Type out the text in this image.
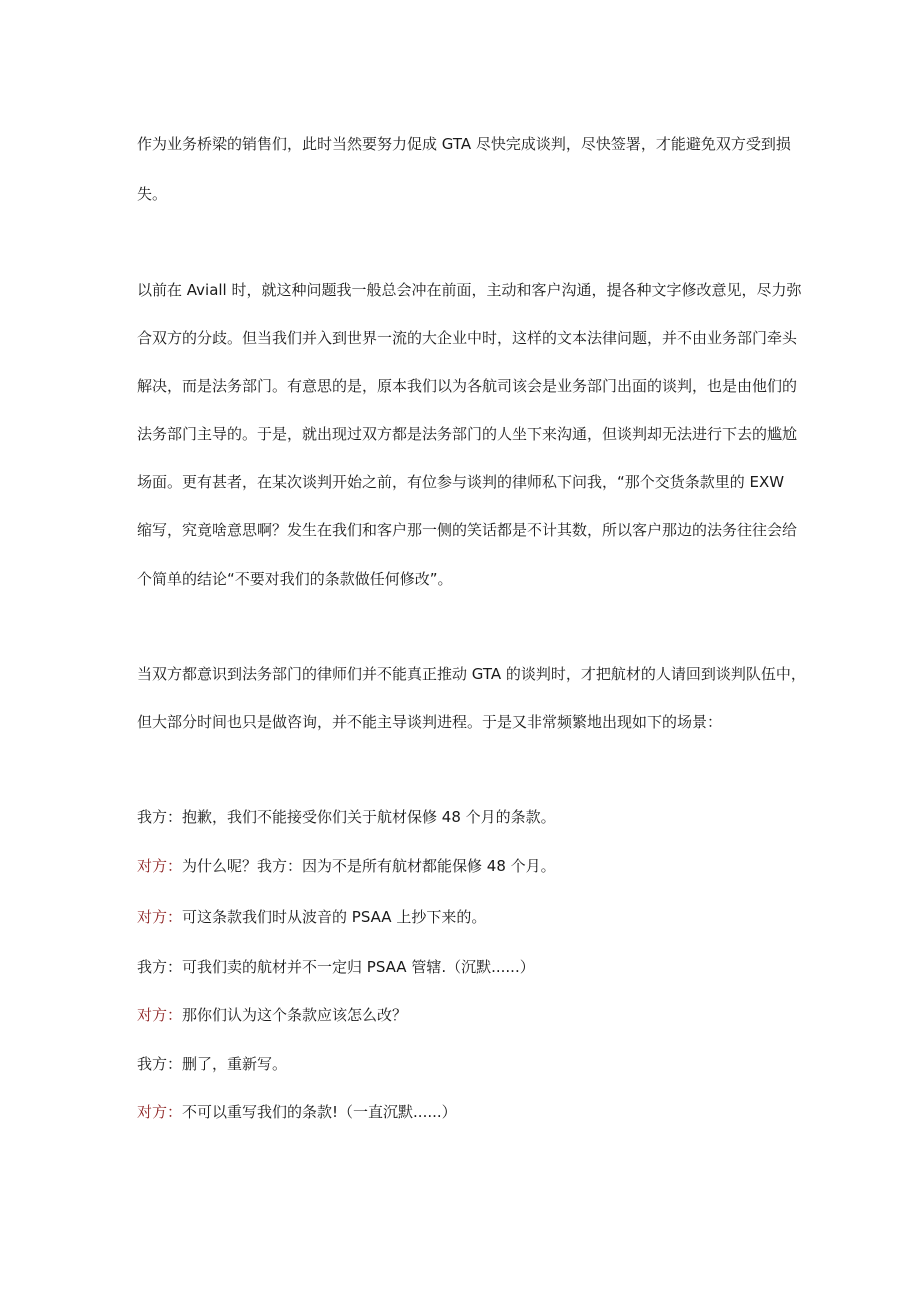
作为业务桥梁的销售们，此时当然要努力促成 GTA 尽快完成谈判，尽快签署，才能避免双方受到损
失。
以前在 Aviall 时，就这种问题我一般总会冲在前面，主动和客户沟通，提各种文字修改意见，尽力弥
合双方的分歧。但当我们并入到世界一流的大企业中时，这样的文本法律问题，并不由业务部门牵头
解决，而是法务部门。有意思的是，原本我们以为各航司该会是业务部门出面的谈判，也是由他们的
法务部门主导的。于是，就出现过双方都是法务部门的人坐下来沟通，但谈判却无法进行下去的尴尬
场面。更有甚者，在某次谈判开始之前，有位参与谈判的律师私下问我，“那个交货条款里的 EXW
缩写，究竟啥意思啊？发生在我们和客户那一侧的笑话都是不计其数，所以客户那边的法务往往会给
个简单的结论“不要对我们的条款做任何修改”。
当双方都意识到法务部门的律师们并不能真正推动 GTA 的谈判时，才把航材的人请回到谈判队伍中，
但大部分时间也只是做咨询，并不能主导谈判进程。于是又非常频繁地出现如下的场景：
我方：抱歉，我们不能接受你们关于航材保修 48 个月的条款。
对方：为什么呢？我方：因为不是所有航材都能保修 48 个月。
对方：可这条款我们时从波音的 PSAA 上抄下来的。
我方：可我们卖的航材并不一定归 PSAA 管辖.（沉默......）
对方：那你们认为这个条款应该怎么改？
我方：删了，重新写。
对方：不可以重写我们的条款!（一直沉默......）
